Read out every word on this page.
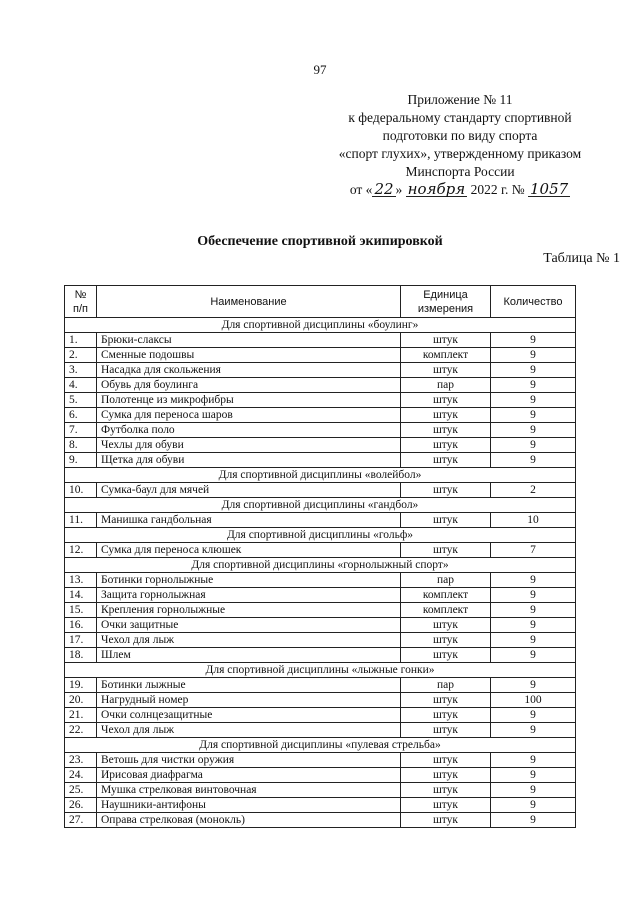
97
Приложение № 11
к федеральному стандарту спортивной
подготовки по виду спорта
«спорт глухих», утвержденному приказом
Минспорта России
от « 22 » ноября 2022 г. № 1057
Обеспечение спортивной экипировкой
Таблица № 1
№ п/п	Наименование	Единица измерения	Количество
Для спортивной дисциплины «боулинг»			
1.	Брюки-слаксы	штук	9
2.	Сменные подошвы	комплект	9
3.	Насадка для скольжения	штук	9
4.	Обувь для боулинга	пар	9
5.	Полотенце из микрофибры	штук	9
6.	Сумка для переноса шаров	штук	9
7.	Футболка поло	штук	9
8.	Чехлы для обуви	штук	9
9.	Щетка для обуви	штук	9
Для спортивной дисциплины «волейбол»			
10.	Сумка-баул для мячей	штук	2
Для спортивной дисциплины «гандбол»			
11.	Манишка гандбольная	штук	10
Для спортивной дисциплины «гольф»			
12.	Сумка для переноса клюшек	штук	7
Для спортивной дисциплины «горнолыжный спорт»			
13.	Ботинки горнолыжные	пар	9
14.	Защита горнолыжная	комплект	9
15.	Крепления горнолыжные	комплект	9
16.	Очки защитные	штук	9
17.	Чехол для лыж	штук	9
18.	Шлем	штук	9
Для спортивной дисциплины «лыжные гонки»			
19.	Ботинки лыжные	пар	9
20.	Нагрудный номер	штук	100
21.	Очки солнцезащитные	штук	9
22.	Чехол для лыж	штук	9
Для спортивной дисциплины «пулевая стрельба»			
23.	Ветошь для чистки оружия	штук	9
24.	Ирисовая диафрагма	штук	9
25.	Мушка стрелковая винтовочная	штук	9
26.	Наушники-антифоны	штук	9
27.	Оправа стрелковая (монокль)	штук	9
